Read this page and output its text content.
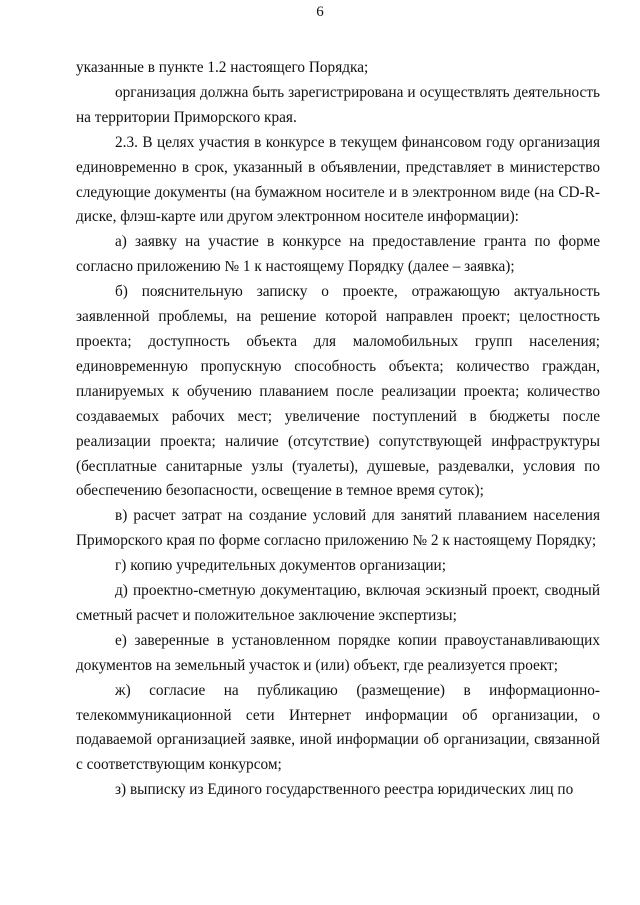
6

указанные в пункте 1.2 настоящего Порядка;

организация должна быть зарегистрирована и осуществлять деятельность на территории Приморского края.

2.3. В целях участия в конкурсе в текущем финансовом году организация единовременно в срок, указанный в объявлении, представляет в министерство следующие документы (на бумажном носителе и в электронном виде (на CD-R-диске, флэш-карте или другом электронном носителе информации):

а) заявку на участие в конкурсе на предоставление гранта по форме согласно приложению № 1 к настоящему Порядку (далее – заявка);

б) пояснительную записку о проекте, отражающую актуальность заявленной проблемы, на решение которой направлен проект; целостность проекта; доступность объекта для маломобильных групп населения; единовременную пропускную способность объекта; количество граждан, планируемых к обучению плаванием после реализации проекта; количество создаваемых рабочих мест; увеличение поступлений в бюджеты после реализации проекта; наличие (отсутствие) сопутствующей инфраструктуры (бесплатные санитарные узлы (туалеты), душевые, раздевалки, условия по обеспечению безопасности, освещение в темное время суток);

в) расчет затрат на создание условий для занятий плаванием населения Приморского края по форме согласно приложению № 2 к настоящему Порядку;

г) копию учредительных документов организации;

д) проектно-сметную документацию, включая эскизный проект, сводный сметный расчет и положительное заключение экспертизы;

е) заверенные в установленном порядке копии правоустанавливающих документов на земельный участок и (или) объект, где реализуется проект;

ж) согласие на публикацию (размещение) в информационно-телекоммуникационной сети Интернет информации об организации, о подаваемой организацией заявке, иной информации об организации, связанной с соответствующим конкурсом;

з) выписку из Единого государственного реестра юридических лиц по
